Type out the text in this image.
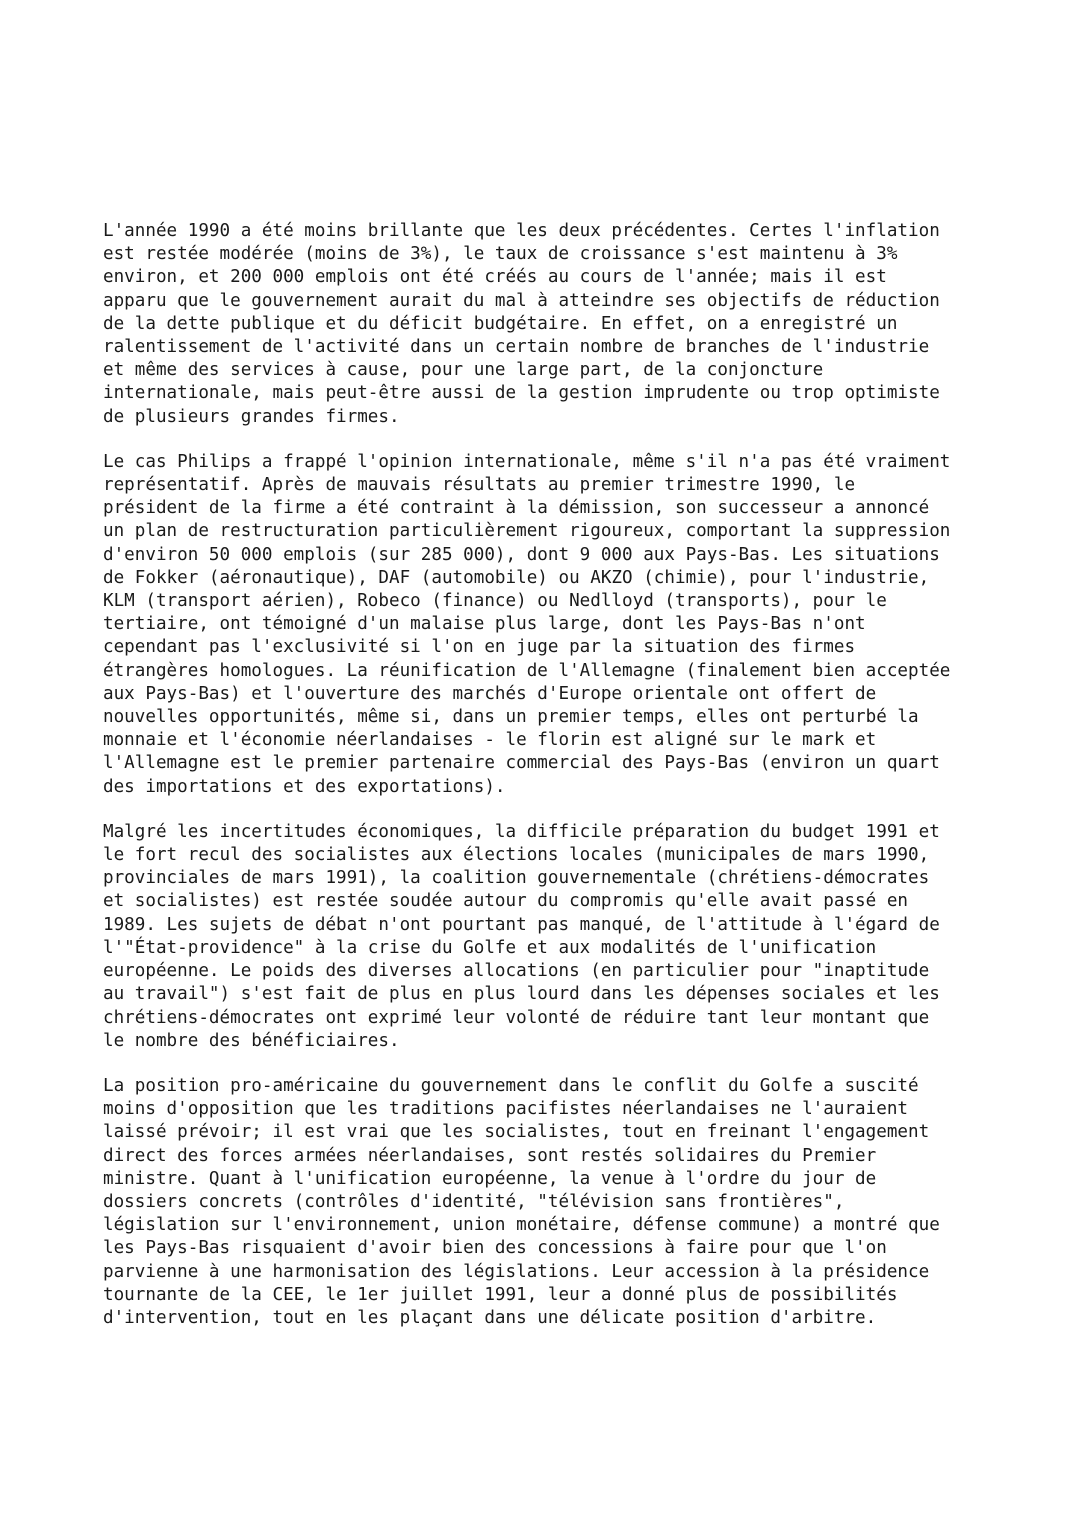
L'année 1990 a été moins brillante que les deux précédentes. Certes l'inflation
est restée modérée (moins de 3%), le taux de croissance s'est maintenu à 3%
environ, et 200 000 emplois ont été créés au cours de l'année; mais il est
apparu que le gouvernement aurait du mal à atteindre ses objectifs de réduction
de la dette publique et du déficit budgétaire. En effet, on a enregistré un
ralentissement de l'activité dans un certain nombre de branches de l'industrie
et même des services à cause, pour une large part, de la conjoncture
internationale, mais peut-être aussi de la gestion imprudente ou trop optimiste
de plusieurs grandes firmes.

Le cas Philips a frappé l'opinion internationale, même s'il n'a pas été vraiment
représentatif. Après de mauvais résultats au premier trimestre 1990, le
président de la firme a été contraint à la démission, son successeur a annoncé
un plan de restructuration particulièrement rigoureux, comportant la suppression
d'environ 50 000 emplois (sur 285 000), dont 9 000 aux Pays-Bas. Les situations
de Fokker (aéronautique), DAF (automobile) ou AKZO (chimie), pour l'industrie,
KLM (transport aérien), Robeco (finance) ou Nedlloyd (transports), pour le
tertiaire, ont témoigné d'un malaise plus large, dont les Pays-Bas n'ont
cependant pas l'exclusivité si l'on en juge par la situation des firmes
étrangères homologues. La réunification de l'Allemagne (finalement bien acceptée
aux Pays-Bas) et l'ouverture des marchés d'Europe orientale ont offert de
nouvelles opportunités, même si, dans un premier temps, elles ont perturbé la
monnaie et l'économie néerlandaises - le florin est aligné sur le mark et
l'Allemagne est le premier partenaire commercial des Pays-Bas (environ un quart
des importations et des exportations).

Malgré les incertitudes économiques, la difficile préparation du budget 1991 et
le fort recul des socialistes aux élections locales (municipales de mars 1990,
provinciales de mars 1991), la coalition gouvernementale (chrétiens-démocrates
et socialistes) est restée soudée autour du compromis qu'elle avait passé en
1989. Les sujets de débat n'ont pourtant pas manqué, de l'attitude à l'égard de
l'"État-providence" à la crise du Golfe et aux modalités de l'unification
européenne. Le poids des diverses allocations (en particulier pour "inaptitude
au travail") s'est fait de plus en plus lourd dans les dépenses sociales et les
chrétiens-démocrates ont exprimé leur volonté de réduire tant leur montant que
le nombre des bénéficiaires.

La position pro-américaine du gouvernement dans le conflit du Golfe a suscité
moins d'opposition que les traditions pacifistes néerlandaises ne l'auraient
laissé prévoir; il est vrai que les socialistes, tout en freinant l'engagement
direct des forces armées néerlandaises, sont restés solidaires du Premier
ministre. Quant à l'unification européenne, la venue à l'ordre du jour de
dossiers concrets (contrôles d'identité, "télévision sans frontières",
législation sur l'environnement, union monétaire, défense commune) a montré que
les Pays-Bas risquaient d'avoir bien des concessions à faire pour que l'on
parvienne à une harmonisation des législations. Leur accession à la présidence
tournante de la CEE, le 1er juillet 1991, leur a donné plus de possibilités
d'intervention, tout en les plaçant dans une délicate position d'arbitre.
